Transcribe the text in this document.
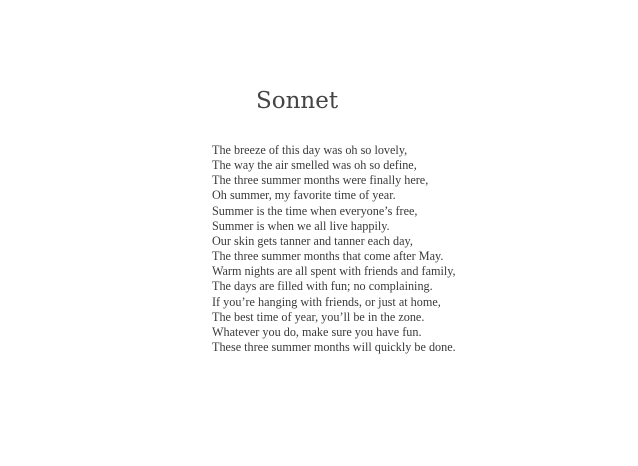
Sonnet
The breeze of this day was oh so lovely,
The way the air smelled was oh so define,
The three summer months were finally here,
Oh summer, my favorite time of year.
Summer is the time when everyone’s free,
Summer is when we all live happily.
Our skin gets tanner and tanner each day,
The three summer months that come after May.
Warm nights are all spent with friends and family,
The days are filled with fun; no complaining.
If you’re hanging with friends, or just at home,
The best time of year, you’ll be in the zone.
Whatever you do, make sure you have fun.
These three summer months will quickly be done.
